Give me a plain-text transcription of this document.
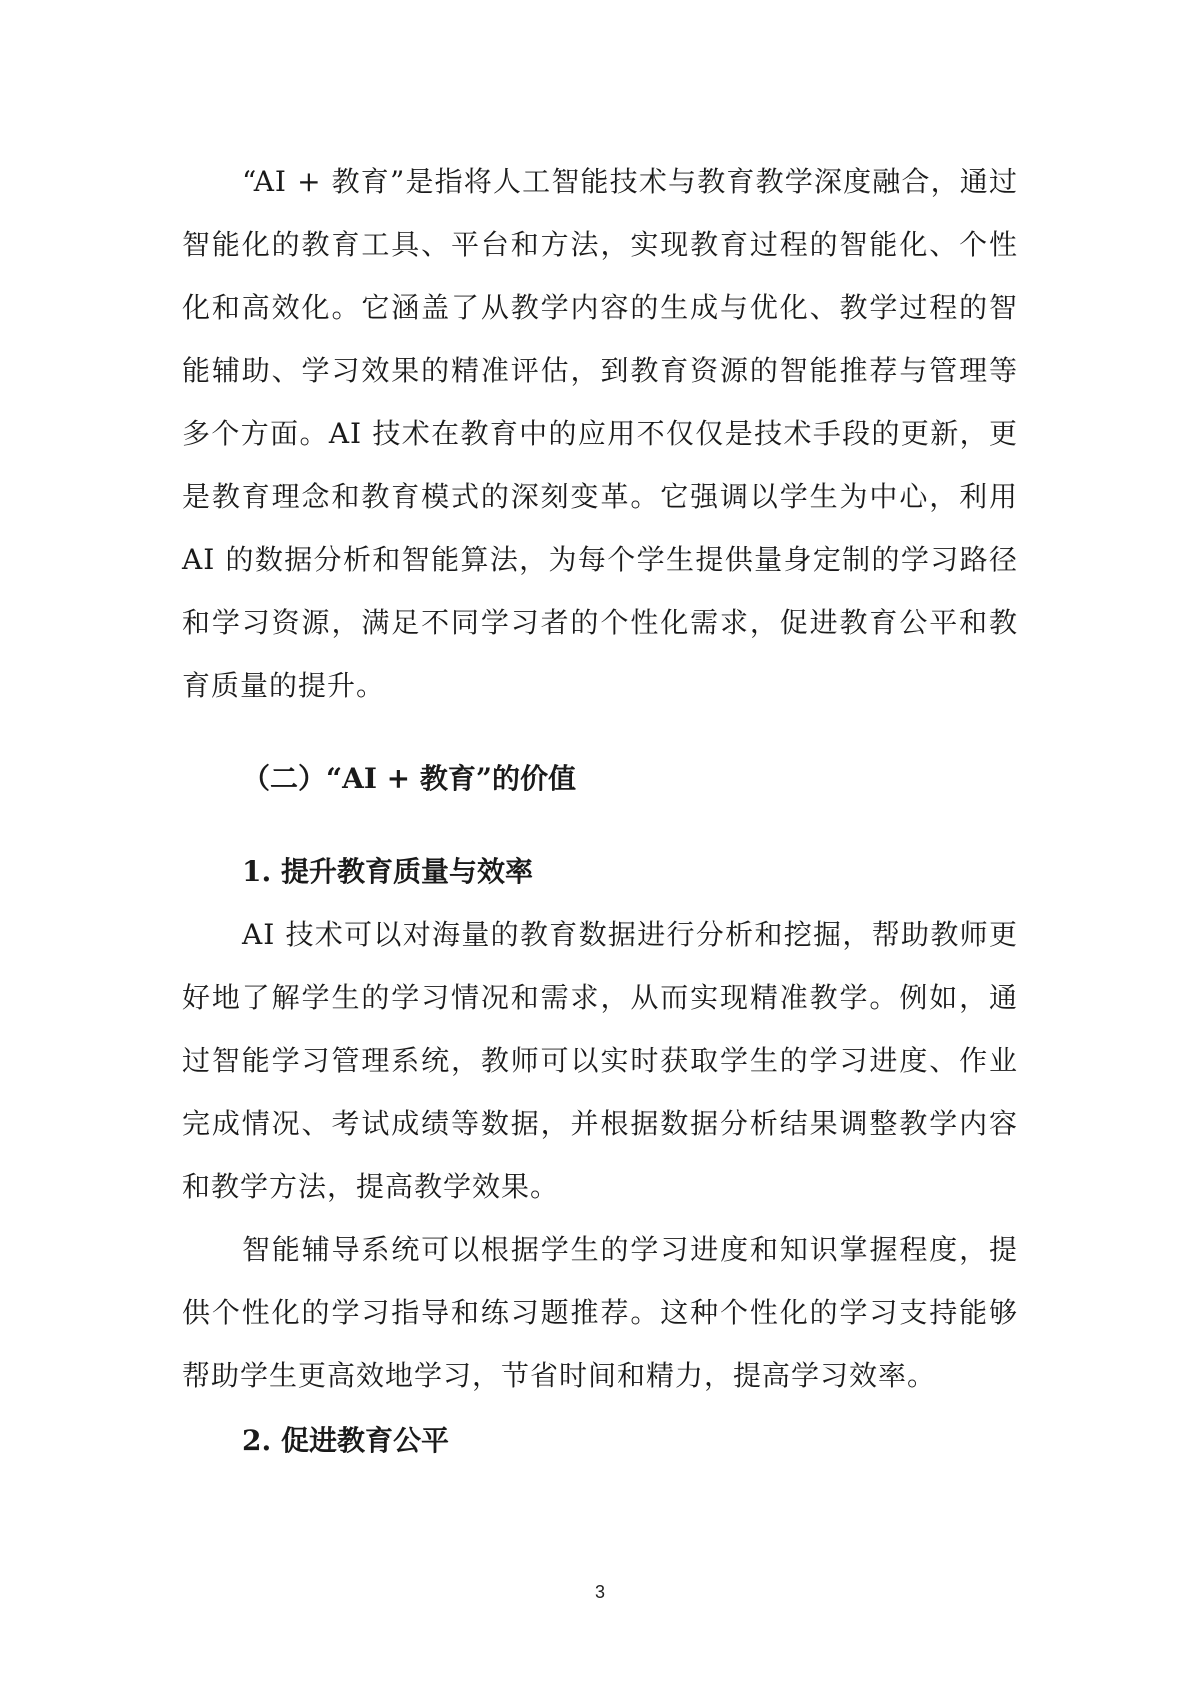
“AI + 教育”是指将人工智能技术与教育教学深度融合，通过智能化的教育工具、平台和方法，实现教育过程的智能化、个性化和高效化。它涵盖了从教学内容的生成与优化、教学过程的智能辅助、学习效果的精准评估，到教育资源的智能推荐与管理等多个方面。AI 技术在教育中的应用不仅仅是技术手段的更新，更是教育理念和教育模式的深刻变革。它强调以学生为中心，利用 AI 的数据分析和智能算法，为每个学生提供量身定制的学习路径和学习资源，满足不同学习者的个性化需求，促进教育公平和教育质量的提升。

（二）“AI + 教育”的价值
1. 提升教育质量与效率

AI 技术可以对海量的教育数据进行分析和挖掘，帮助教师更好地了解学生的学习情况和需求，从而实现精准教学。例如，通过智能学习管理系统，教师可以实时获取学生的学习进度、作业完成情况、考试成绩等数据，并根据数据分析结果调整教学内容和教学方法，提高教学效果。

智能辅导系统可以根据学生的学习进度和知识掌握程度，提供个性化的学习指导和练习题推荐。这种个性化的学习支持能够帮助学生更高效地学习，节省时间和精力，提高学习效率。

2. 促进教育公平
3
